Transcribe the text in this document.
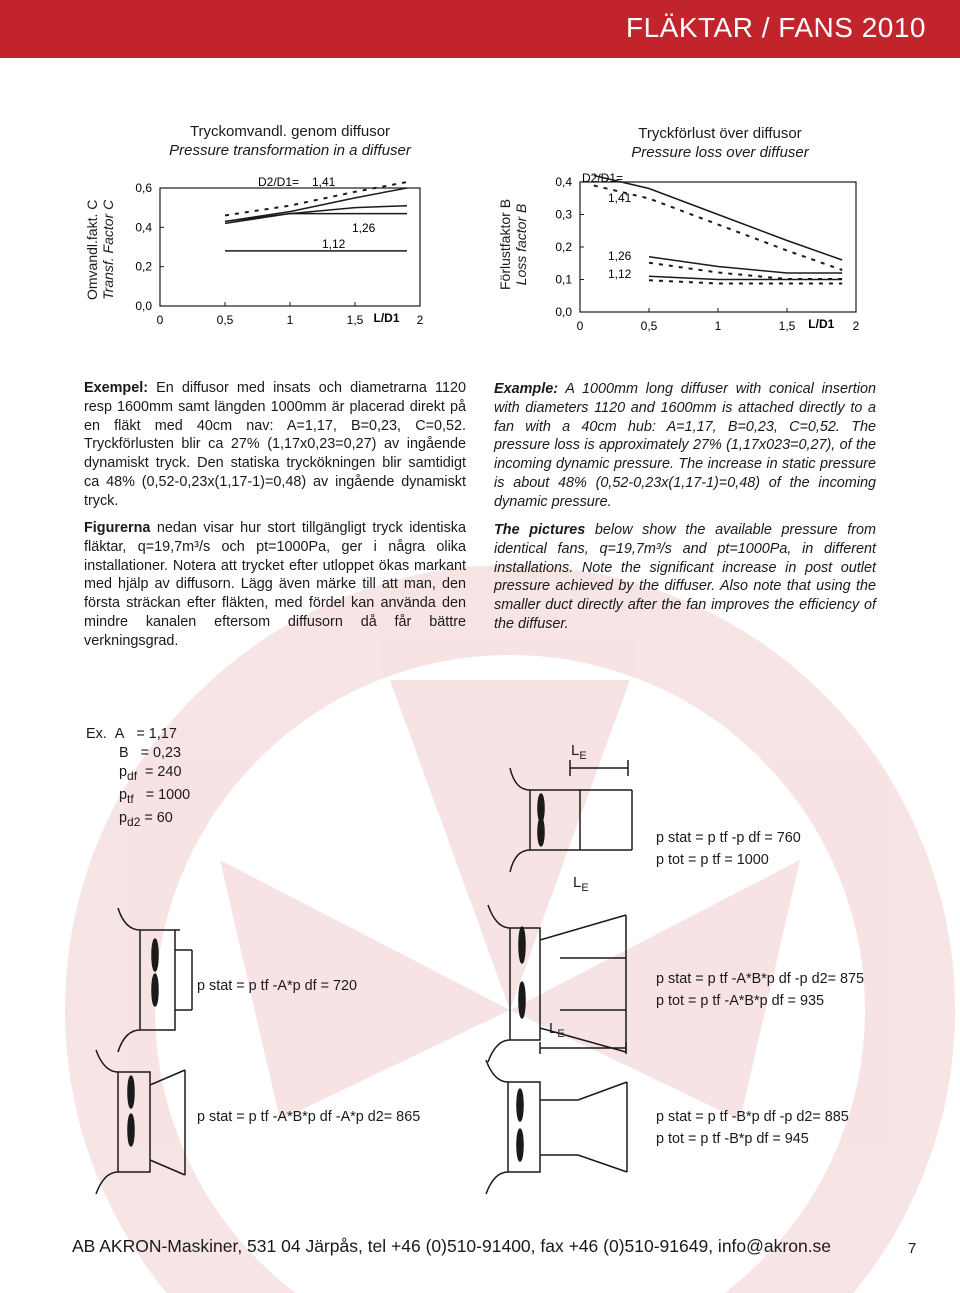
FLÄKTAR / FANS 2010
Tryckomvandl. genom diffusor
Pressure transformation in a diffuser
Omvandl.fakt. C Transf. Factor C
0,0
0,2
0,4
0,6
0	0,5	1	1,5	2
L/D1
D2/D1= 1,41
1,26
1,12
Tryckförlust över diffusor
Pressure loss over diffuser
Förlustfaktor B Loss factor B
0,0
0,1
0,2
0,3
0,4
0	0,5	1	1,5	2
L/D1
D2/D1=
1,41
1,26
1,12
Exempel: En diffusor med insats och diametrarna 1120 resp 1600mm samt längden 1000mm är placerad direkt på en fläkt med 40cm nav: A=1,17, B=0,23, C=0,52. Tryckförlusten blir ca 27% (1,17x0,23=0,27) av ingående dynamiskt tryck. Den statiska tryckökningen blir samtidigt ca 48% (0,52-0,23x(1,17-1)=0,48) av ingående dynamiskt tryck.
Figurerna nedan visar hur stort tillgängligt tryck identiska fläktar, q=19,7m³/s och pt=1000Pa, ger i några olika installationer. Notera att trycket efter utloppet ökas markant med hjälp av diffusorn. Lägg även märke till att man, den första sträckan efter fläkten, med fördel kan använda den mindre kanalen eftersom diffusorn då får bättre verkningsgrad.
Example: A 1000mm long diffuser with conical insertion with diameters 1120 and 1600mm is attached directly to a fan with a 40cm hub: A=1,17, B=0,23, C=0,52. The pressure loss is approximately 27% (1,17x023=0,27), of the incoming dynamic pressure. The increase in static pressure is about 48% (0,52-0,23x(1,17-1)=0,48) of the incoming dynamic pressure.
The pictures below show the available pressure from identical fans, q=19,7m³/s and pt=1000Pa, in different installations. Note the significant increase in post outlet pressure achieved by the diffuser. Also note that using the smaller duct directly after the fan improves the efficiency of the diffuser.
Ex. A = 1,17
B = 0,23
$p_{df} = 240$
$p_{tf} = 1000$
$p_{d2} = 60$
$L_E$
$L_E$
$L_E$
p stat = p tf -p df = 760
p tot = p tf = 1000
p stat = p tf -A*p df = 720	p stat = p tf -A*B*p df -p d2= 875
p tot = p tf -A*B*p df = 935
p stat = p tf -A*B*p df -A*p d2= 865	p stat = p tf -B*p df -p d2= 885
p tot = p tf -B*p df = 945
AB AKRON-Maskiner, 531 04 Järpås, tel +46 (0)510-91400, fax +46 (0)510-91649, info@akron.se	7
